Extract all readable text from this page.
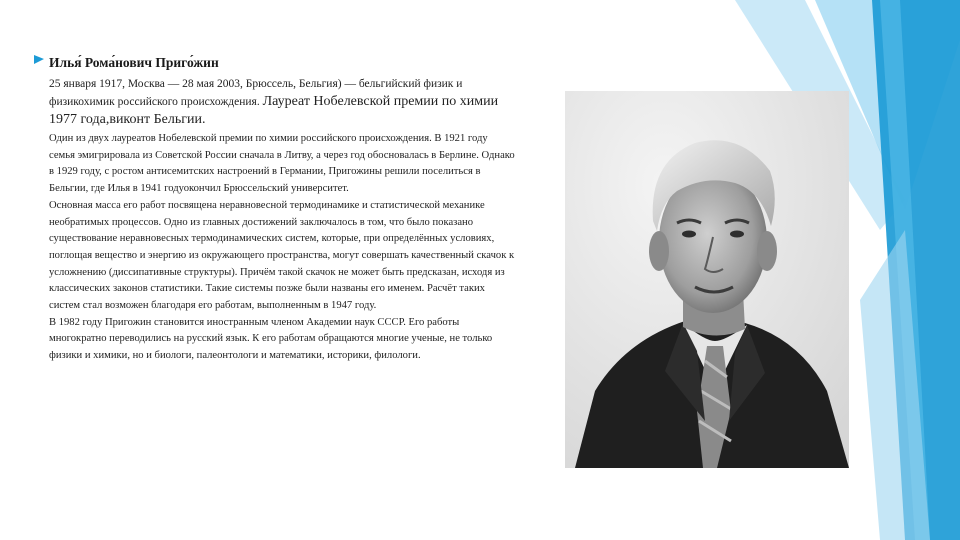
Илья́ Рома́нович Приго́жин
25 января 1917, Москва — 28 мая 2003, Брюссель, Бельгия) — бельгийский физик и физикохимик российского происхождения. Лауреат Нобелевской премии по химии 1977 года,виконт Бельгии.

Один из двух лауреатов Нобелевской премии по химии российского происхождения. В 1921 году семья эмигрировала из Советской России сначала в Литву, а через год обосновалась в Берлине. Однако в 1929 году, с ростом антисемитских настроений в Германии, Пригожины решили поселиться в Бельгии, где Илья в 1941 годуокончил Брюссельский университет.

Основная масса его работ посвящена неравновесной термодинамике и статистической механике необратимых процессов. Одно из главных достижений заключалось в том, что было показано существование неравновесных термодинамических систем, которые, при определённых условиях, поглощая вещество и энергию из окружающего пространства, могут совершать качественный скачок к усложнению (диссипативные структуры). Причём такой скачок не может быть предсказан, исходя из классических законов статистики. Такие системы позже были названы его именем. Расчёт таких систем стал возможен благодаря его работам, выполненным в 1947 году.

В 1982 году Пригожин становится иностранным членом Академии наук СССР. Его работы многократно переводились на русский язык. К его работам обращаются многие ученые, не только физики и химики, но и биологи, палеонтологи и математики, историки, филологи.
